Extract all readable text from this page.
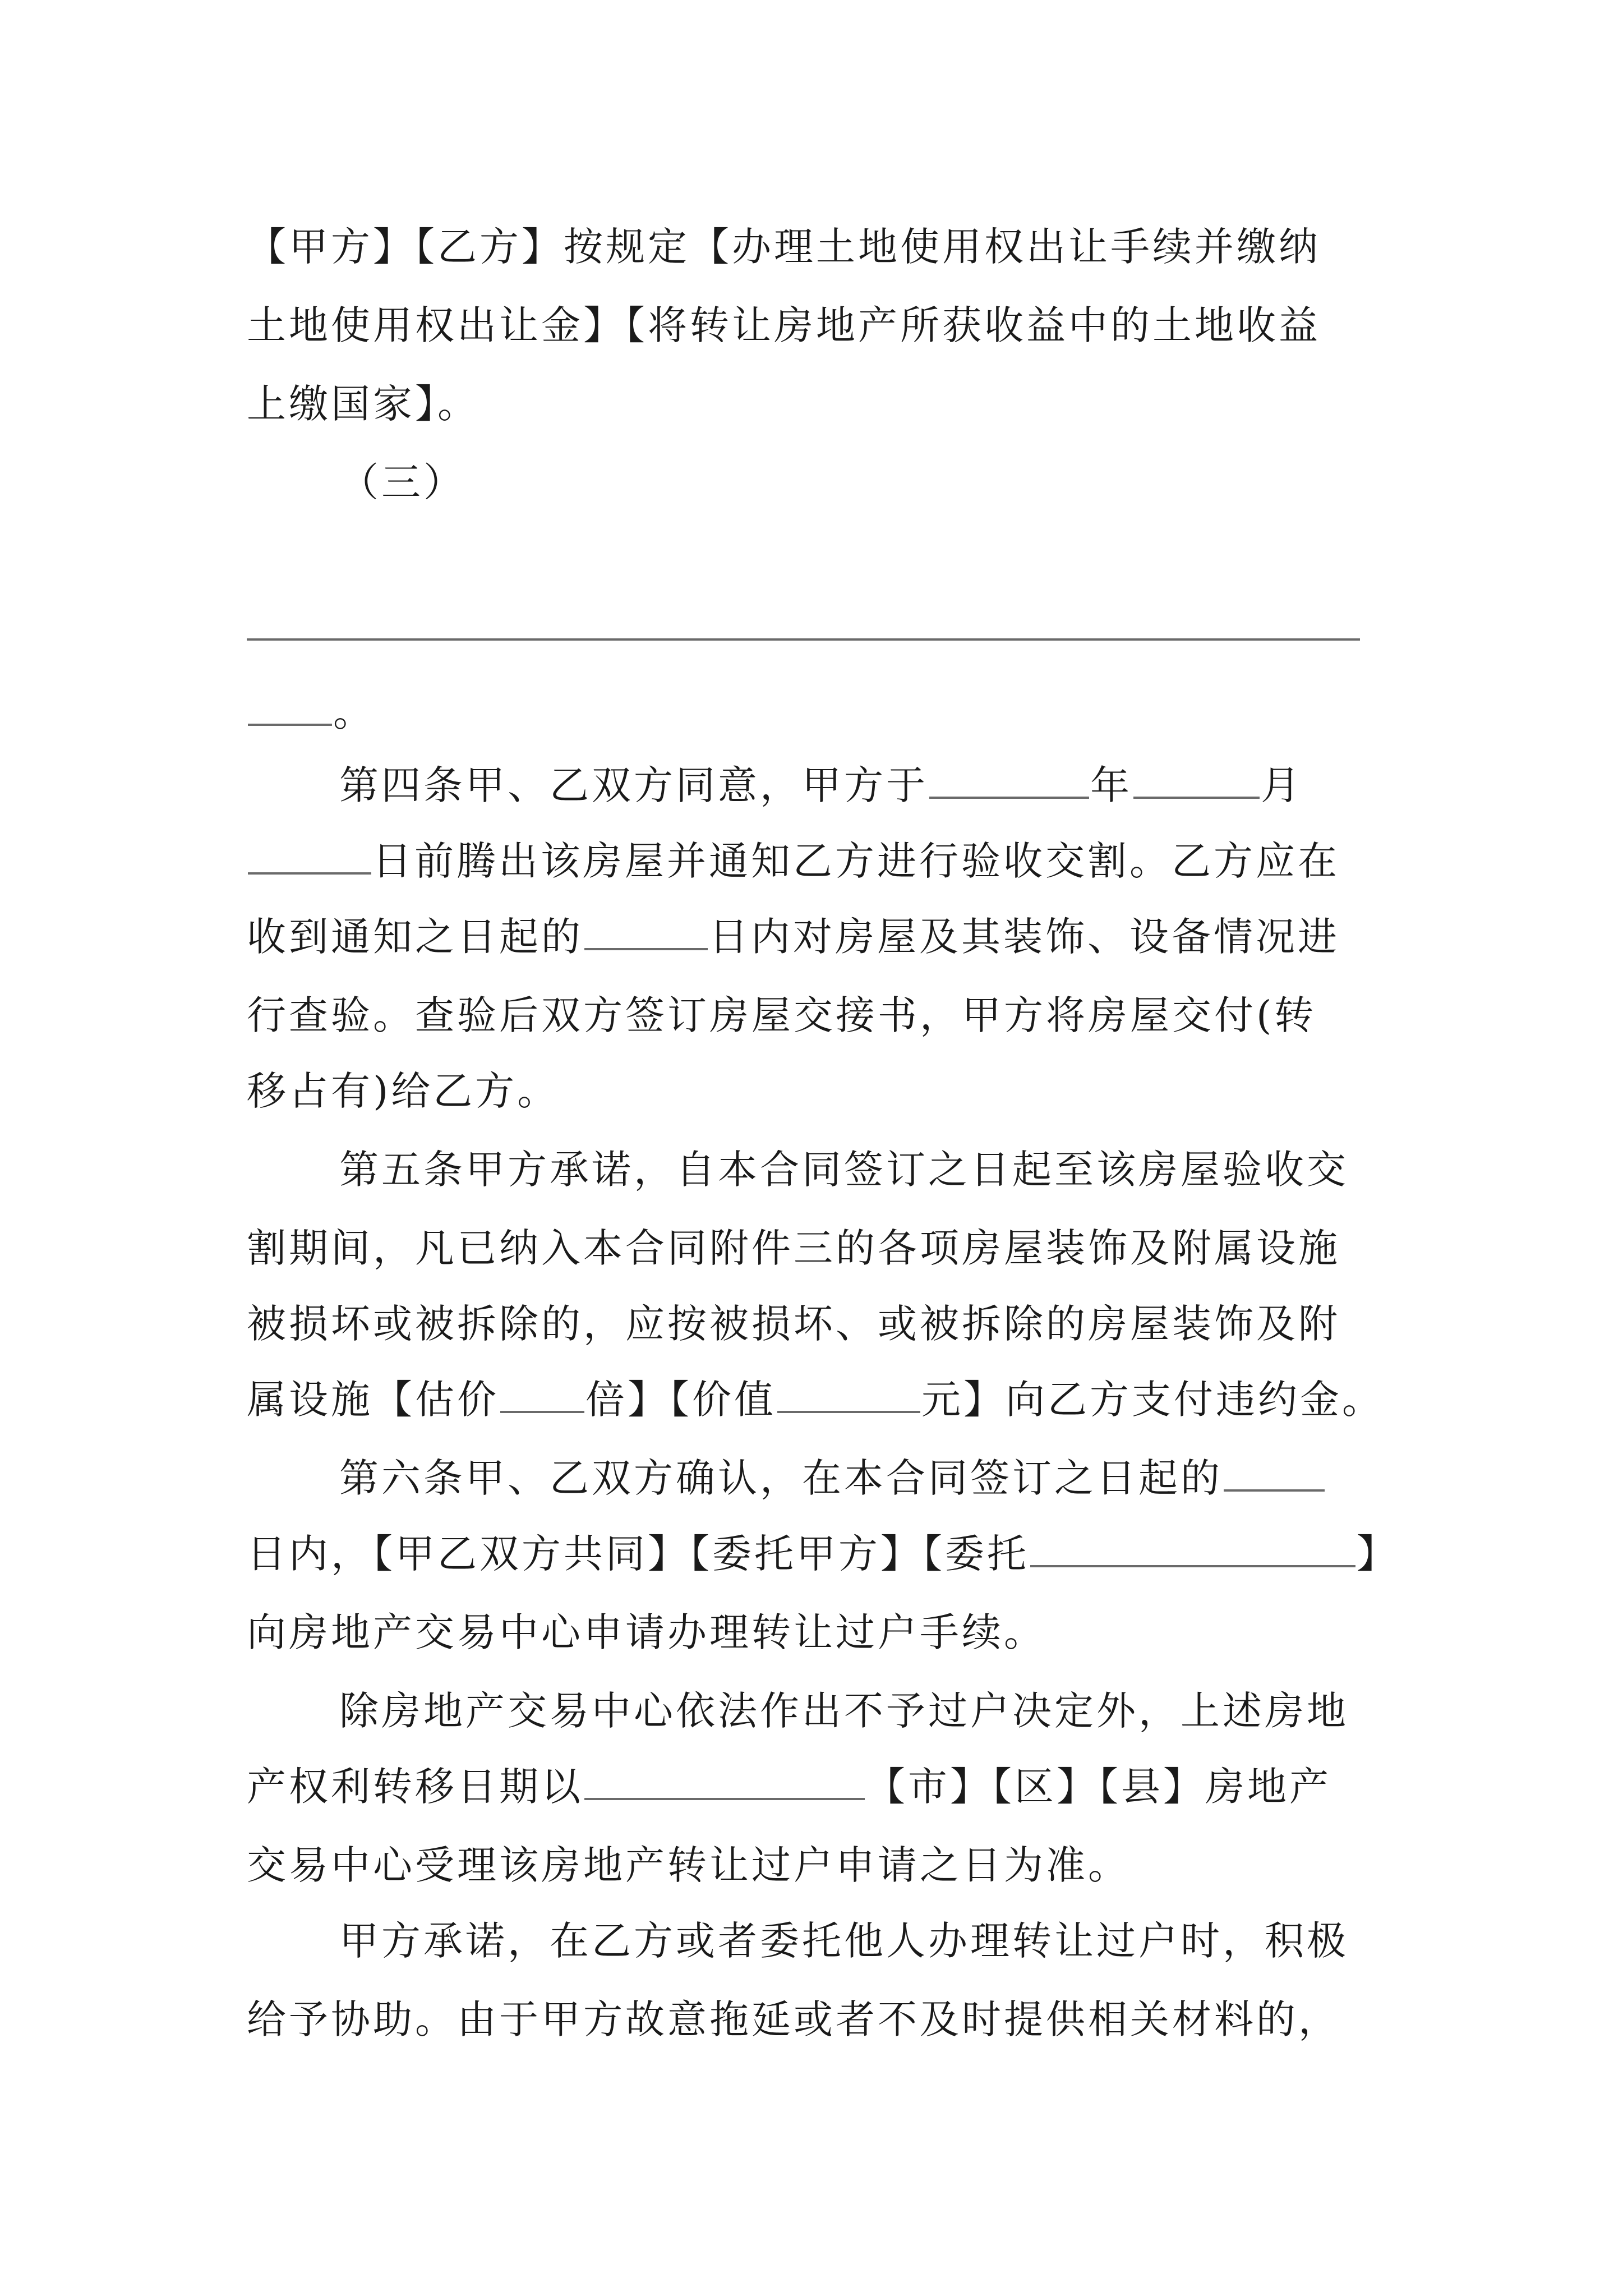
【甲方】【乙方】按规定【办理土地使用权出让手续并缴纳
土地使用权出让金】【将转让房地产所获收益中的土地收益
上缴国家】。
（三）
。
第四条甲、乙双方同意，甲方于	年	月
日前腾出该房屋并通知乙方进行验收交割。乙方应在
收到通知之日起的	日内对房屋及其装饰、设备情况进
行查验。查验后双方签订房屋交接书，甲方将房屋交付(转
移占有)给乙方。
第五条甲方承诺，自本合同签订之日起至该房屋验收交
割期间，凡已纳入本合同附件三的各项房屋装饰及附属设施
被损坏或被拆除的，应按被损坏、或被拆除的房屋装饰及附
属设施【估价 倍】【价值	元】向乙方支付违约金。
第六条甲、乙双方确认，在本合同签订之日起的
日内，【甲乙双方共同】【委托甲方】【委托	】
向房地产交易中心申请办理转让过户手续。
除房地产交易中心依法作出不予过户决定外，上述房地
产权利转移日期以	【市】【区】【县】房地产
交易中心受理该房地产转让过户申请之日为准。
甲方承诺，在乙方或者委托他人办理转让过户时，积极
给予协助。由于甲方故意拖延或者不及时提供相关材料的，
